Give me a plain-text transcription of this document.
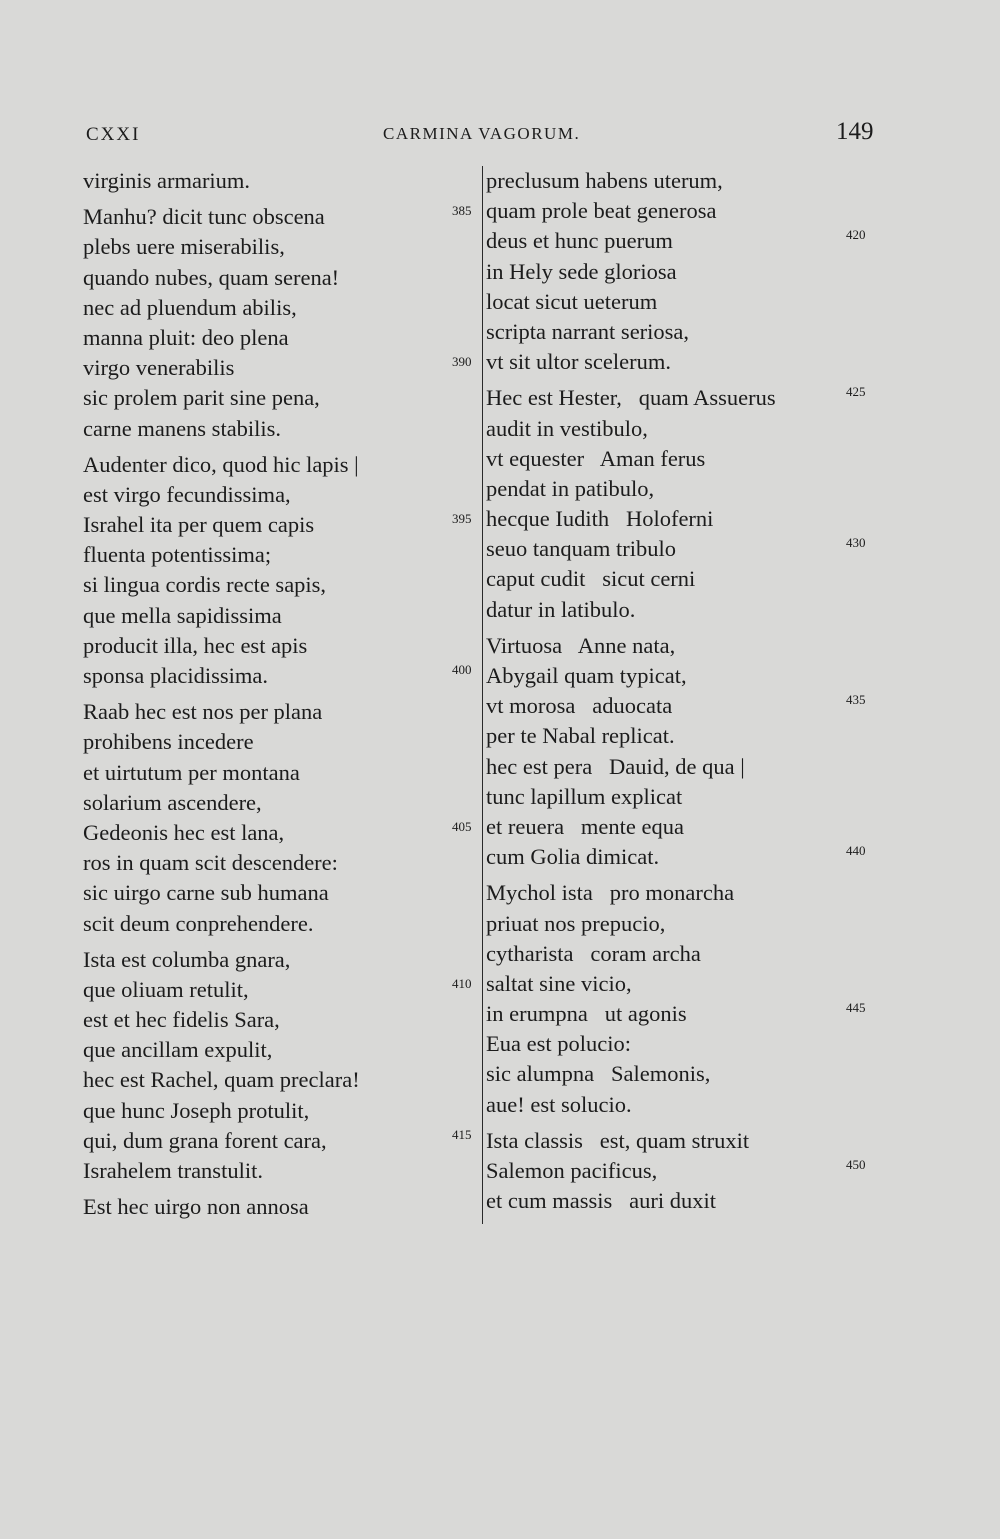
CXXI	CARMINA VAGORUM.	149
virginis armarium.
Manhu? dicit tunc obscena	385
plebs uere miserabilis,
quando nubes, quam serena!
nec ad pluendum abilis,
manna pluit: deo plena
virgo venerabilis	390
sic prolem parit sine pena,
carne manens stabilis.
Audenter dico, quod hic lapis |
est virgo fecundissima,
Israhel ita per quem capis	395
fluenta potentissima;
si lingua cordis recte sapis,
que mella sapidissima
producit illa, hec est apis
sponsa placidissima.	400
Raab hec est nos per plana
prohibens incedere
et uirtutum per montana
solarium ascendere,
Gedeonis hec est lana,	405
ros in quam scit descendere:
sic uirgo carne sub humana
scit deum conprehendere.
Ista est columba gnara,
que oliuam retulit,	410
est et hec fidelis Sara,
que ancillam expulit,
hec est Rachel, quam preclara!
que hunc Joseph protulit,
qui, dum grana forent cara,	415
Israhelem transtulit.
Est hec uirgo non annosa
preclusum habens uterum,
quam prole beat generosa
deus et hunc puerum	420
in Hely sede gloriosa
locat sicut ueterum
scripta narrant seriosa,
vt sit ultor scelerum.
Hec est Hester,   quam Assuerus	425
audit in vestibulo,
vt equester   Aman ferus
pendat in patibulo,
hecque Iudith   Holoferni
seuo tanquam tribulo	430
caput cudit   sicut cerni
datur in latibulo.
Virtuosa   Anne nata,
Abygail quam typicat,
vt morosa   aduocata	435
per te Nabal replicat.
hec est pera   Dauid, de qua |
tunc lapillum explicat
et reuera   mente equa
cum Golia dimicat.	440
Mychol ista   pro monarcha
priuat nos prepucio,
cytharista   coram archa
saltat sine vicio,
in erumpna   ut agonis	445
Eua est polucio:
sic alumpna   Salemonis,
aue! est solucio.
Ista classis   est, quam struxit
Salemon pacificus,	450
et cum massis   auri duxit
